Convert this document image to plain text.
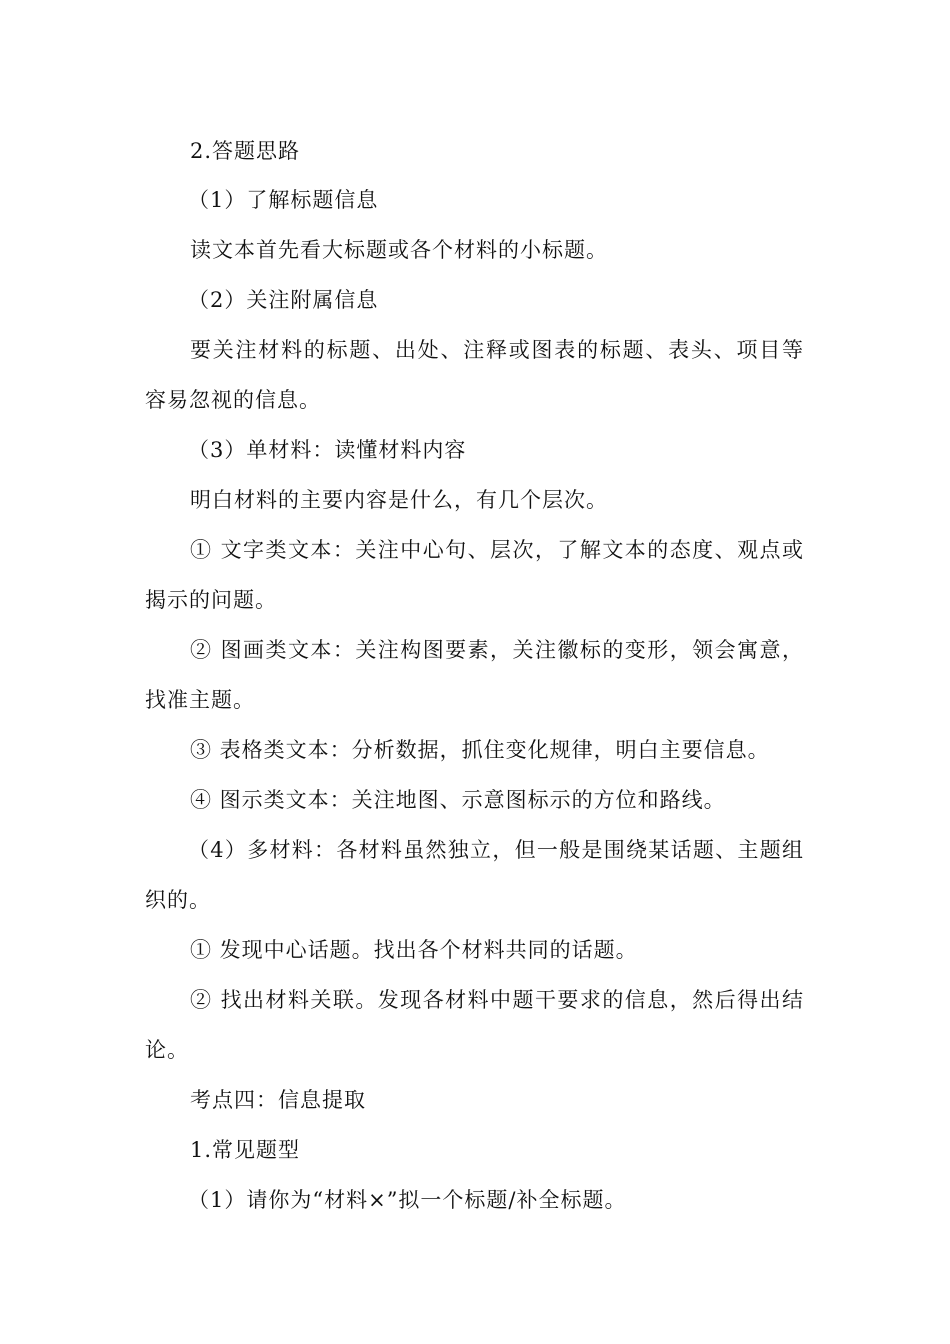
2.答题思路
（1）了解标题信息
读文本首先看大标题或各个材料的小标题。
（2）关注附属信息
要关注材料的标题、出处、注释或图表的标题、表头、项目等
容易忽视的信息。
（3）单材料：读懂材料内容
明白材料的主要内容是什么，有几个层次。
① 文字类文本：关注中心句、层次，了解文本的态度、观点或
揭示的问题。
② 图画类文本：关注构图要素，关注徽标的变形，领会寓意，
找准主题。
③ 表格类文本：分析数据，抓住变化规律，明白主要信息。
④ 图示类文本：关注地图、示意图标示的方位和路线。
（4）多材料：各材料虽然独立，但一般是围绕某话题、主题组
织的。
① 发现中心话题。找出各个材料共同的话题。
② 找出材料关联。发现各材料中题干要求的信息，然后得出结
论。
考点四：信息提取
1.常见题型
（1）请你为“材料×”拟一个标题/补全标题。
